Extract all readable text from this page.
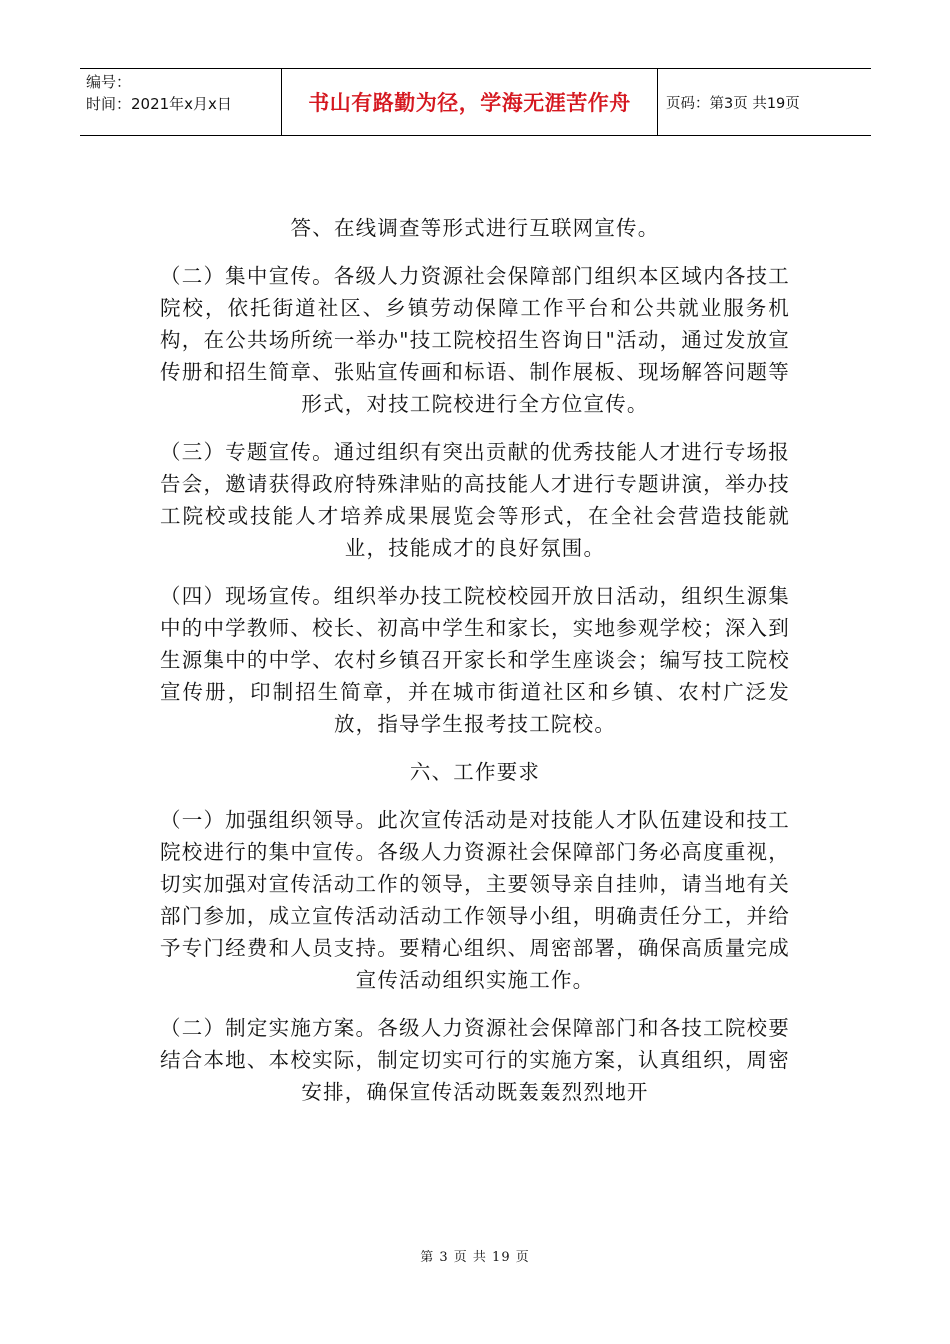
编号：
时间：2021年x月x日	书山有路勤为径，学海无涯苦作舟	页码：第3页 共19页

答、在线调查等形式进行互联网宣传。

（二）集中宣传。各级人力资源社会保障部门组织本区域内各技工院校，依托街道社区、乡镇劳动保障工作平台和公共就业服务机构，在公共场所统一举办"技工院校招生咨询日"活动，通过发放宣传册和招生简章、张贴宣传画和标语、制作展板、现场解答问题等形式，对技工院校进行全方位宣传。

（三）专题宣传。通过组织有突出贡献的优秀技能人才进行专场报告会，邀请获得政府特殊津贴的高技能人才进行专题讲演，举办技工院校或技能人才培养成果展览会等形式，在全社会营造技能就业，技能成才的良好氛围。

（四）现场宣传。组织举办技工院校校园开放日活动，组织生源集中的中学教师、校长、初高中学生和家长，实地参观学校；深入到生源集中的中学、农村乡镇召开家长和学生座谈会；编写技工院校宣传册，印制招生简章，并在城市街道社区和乡镇、农村广泛发放，指导学生报考技工院校。

六、工作要求

（一）加强组织领导。此次宣传活动是对技能人才队伍建设和技工院校进行的集中宣传。各级人力资源社会保障部门务必高度重视，切实加强对宣传活动工作的领导，主要领导亲自挂帅，请当地有关部门参加，成立宣传活动活动工作领导小组，明确责任分工，并给予专门经费和人员支持。要精心组织、周密部署，确保高质量完成宣传活动组织实施工作。

（二）制定实施方案。各级人力资源社会保障部门和各技工院校要结合本地、本校实际，制定切实可行的实施方案，认真组织，周密安排，确保宣传活动既轰轰烈烈地开

第 3 页 共 19 页
